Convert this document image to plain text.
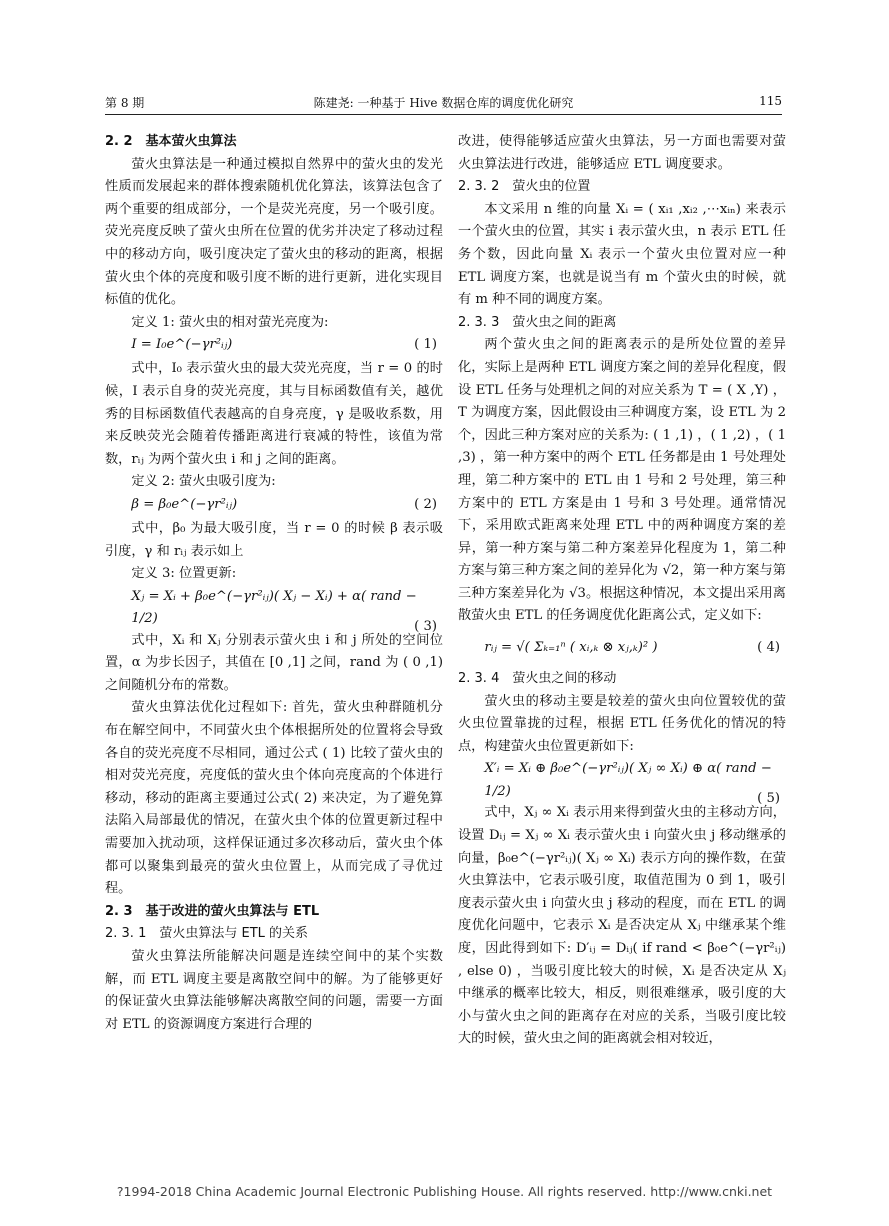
第 8 期	陈建尧: 一种基于 Hive 数据仓库的调度优化研究	115
2. 2　基本萤火虫算法

萤火虫算法是一种通过模拟自然界中的萤火虫的发光性质而发展起来的群体搜索随机优化算法，该算法包含了两个重要的组成部分，一个是荧光亮度，另一个吸引度。荧光亮度反映了萤火虫所在位置的优劣并决定了移动过程中的移动方向，吸引度决定了萤火虫的移动的距离，根据萤火虫个体的亮度和吸引度不断的进行更新，进化实现目标值的优化。

定义 1: 萤火虫的相对萤光亮度为:
I = I₀e^(−γr²ᵢⱼ)	( 1)

式中，I₀ 表示萤火虫的最大荧光亮度，当 r = 0 的时候，I 表示自身的荧光亮度，其与目标函数值有关，越优秀的目标函数值代表越高的自身亮度，γ 是吸收系数，用来反映荧光会随着传播距离进行衰减的特性，该值为常数，rᵢⱼ 为两个萤火虫 i 和 j 之间的距离。

定义 2: 萤火虫吸引度为:
β = β₀e^(−γr²ᵢⱼ)	( 2)

式中，β₀ 为最大吸引度，当 r = 0 的时候 β 表示吸引度，γ 和 rᵢⱼ 表示如上

定义 3: 位置更新:
Xⱼ = Xᵢ + β₀e^(−γr²ᵢⱼ)( Xⱼ − Xᵢ) + α( rand − 1/2)	( 3)

式中，Xᵢ 和 Xⱼ 分别表示萤火虫 i 和 j 所处的空间位置，α 为步长因子，其值在 [0 ,1] 之间，rand 为 ( 0 ,1) 之间随机分布的常数。

萤火虫算法优化过程如下: 首先，萤火虫种群随机分布在解空间中，不同萤火虫个体根据所处的位置将会导致各自的荧光亮度不尽相同，通过公式 ( 1) 比较了萤火虫的相对荧光亮度，亮度低的萤火虫个体向亮度高的个体进行移动，移动的距离主要通过公式( 2) 来决定，为了避免算法陷入局部最优的情况，在萤火虫个体的位置更新过程中需要加入扰动项，这样保证通过多次移动后，萤火虫个体都可以聚集到最亮的萤火虫位置上，从而完成了寻优过程。

2. 3　基于改进的萤火虫算法与 ETL
2. 3. 1　萤火虫算法与 ETL 的关系

萤火虫算法所能解决问题是连续空间中的某个实数解，而 ETL 调度主要是离散空间中的解。为了能够更好的保证萤火虫算法能够解决离散空间的问题，需要一方面对 ETL 的资源调度方案进行合理的

改进，使得能够适应萤火虫算法，另一方面也需要对萤火虫算法进行改进，能够适应 ETL 调度要求。
2. 3. 2　萤火虫的位置

本文采用 n 维的向量 Xᵢ = ( xᵢ₁ ,xᵢ₂ ,⋯xᵢₙ) 来表示一个萤火虫的位置，其实 i 表示萤火虫，n 表示 ETL 任务个数，因此向量 Xᵢ 表示一个萤火虫位置对应一种 ETL 调度方案，也就是说当有 m 个萤火虫的时候，就有 m 种不同的调度方案。

2. 3. 3　萤火虫之间的距离

两个萤火虫之间的距离表示的是所处位置的差异化，实际上是两种 ETL 调度方案之间的差异化程度，假设 ETL 任务与处理机之间的对应关系为 T = ( X ,Y) ，T 为调度方案，因此假设由三种调度方案，设 ETL 为 2 个，因此三种方案对应的关系为: ( 1 ,1) ，( 1 ,2) ，( 1 ,3) ，第一种方案中的两个 ETL 任务都是由 1 号处理处理，第二种方案中的 ETL 由 1 号和 2 号处理，第三种方案中的 ETL 方案是由 1 号和 3 号处理。通常情况下，采用欧式距离来处理 ETL 中的两种调度方案的差异，第一种方案与第二种方案差异化程度为 1，第二种方案与第三种方案之间的差异化为 √2，第一种方案与第三种方案差异化为 √3。根据这种情况，本文提出采用离散萤火虫 ETL 的任务调度优化距离公式，定义如下:

rᵢⱼ = √( Σₖ₌₁ⁿ ( xᵢ,ₖ ⊗ xⱼ,ₖ)² )	( 4)
2. 3. 4　萤火虫之间的移动

萤火虫的移动主要是较差的萤火虫向位置较优的萤火虫位置靠拢的过程，根据 ETL 任务优化的情况的特点，构建萤火虫位置更新如下:

X′ᵢ = Xᵢ ⊕ β₀e^(−γr²ᵢⱼ)( Xⱼ ∞ Xᵢ) ⊕ α( rand − 1/2)	( 5)

式中，Xⱼ ∞ Xᵢ 表示用来得到萤火虫的主移动方向，设置 Dᵢⱼ = Xⱼ ∞ Xᵢ 表示萤火虫 i 向萤火虫 j 移动继承的向量，β₀e^(−γr²ᵢⱼ)( Xⱼ ∞ Xᵢ) 表示方向的操作数，在萤火虫算法中，它表示吸引度，取值范围为 0 到 1，吸引度表示萤火虫 i 向萤火虫 j 移动的程度，而在 ETL 的调度优化问题中，它表示 Xᵢ 是否决定从 Xⱼ 中继承某个维度，因此得到如下: D′ᵢⱼ = Dᵢⱼ( if rand < β₀e^(−γr²ᵢⱼ) , else 0) ，当吸引度比较大的时候，Xᵢ 是否决定从 Xⱼ 中继承的概率比较大，相反，则很难继承，吸引度的大小与萤火虫之间的距离存在对应的关系，当吸引度比较大的时候，萤火虫之间的距离就会相对较近，

?1994-2018 China Academic Journal Electronic Publishing House. All rights reserved. http://www.cnki.net
